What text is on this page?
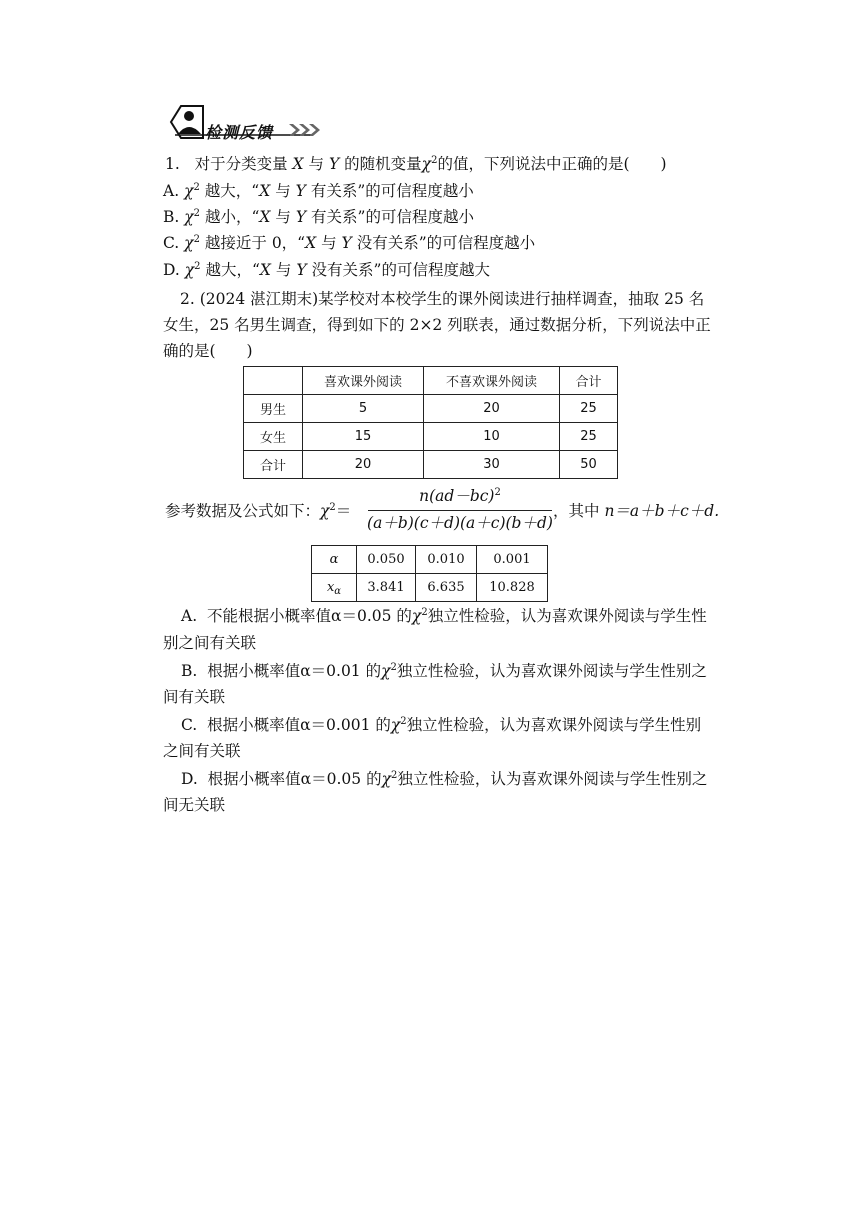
检测反馈
1. 对于分类变量 X 与 Y 的随机变量$\chi^2$的值，下列说法中正确的是(　　)
A. $\chi^2$ 越大，“X 与 Y 有关系”的可信程度越小
B. $\chi^2$ 越小，“X 与 Y 有关系”的可信程度越小
C. $\chi^2$ 越接近于 0，“X 与 Y 没有关系”的可信程度越小
D. $\chi^2$ 越大，“X 与 Y 没有关系”的可信程度越大
2. (2024 湛江期末)某学校对本校学生的课外阅读进行抽样调查，抽取 25 名
女生，25 名男生调查，得到如下的 2×2 列联表，通过数据分析，下列说法中正
确的是(　　)
	喜欢课外阅读	不喜欢课外阅读	合计
男生	5	20	25
女生	15	10	25
合计	20	30	50
参考数据及公式如下：$\chi^2=$
$n(ad-bc)^2$
(a＋b)(c＋d)(a＋c)(b＋d)
，其中 n＝a＋b＋c＋d.
α	0.050	0.010	0.001
$x_\alpha$	3.841	6.635	10.828
A. 不能根据小概率值α＝0.05 的$\chi^2$独立性检验，认为喜欢课外阅读与学生性
别之间有关联
B. 根据小概率值α＝0.01 的$\chi^2$独立性检验，认为喜欢课外阅读与学生性别之
间有关联
C. 根据小概率值α＝0.001 的$\chi^2$独立性检验，认为喜欢课外阅读与学生性别
之间有关联
D. 根据小概率值α＝0.05 的$\chi^2$独立性检验，认为喜欢课外阅读与学生性别之
间无关联
